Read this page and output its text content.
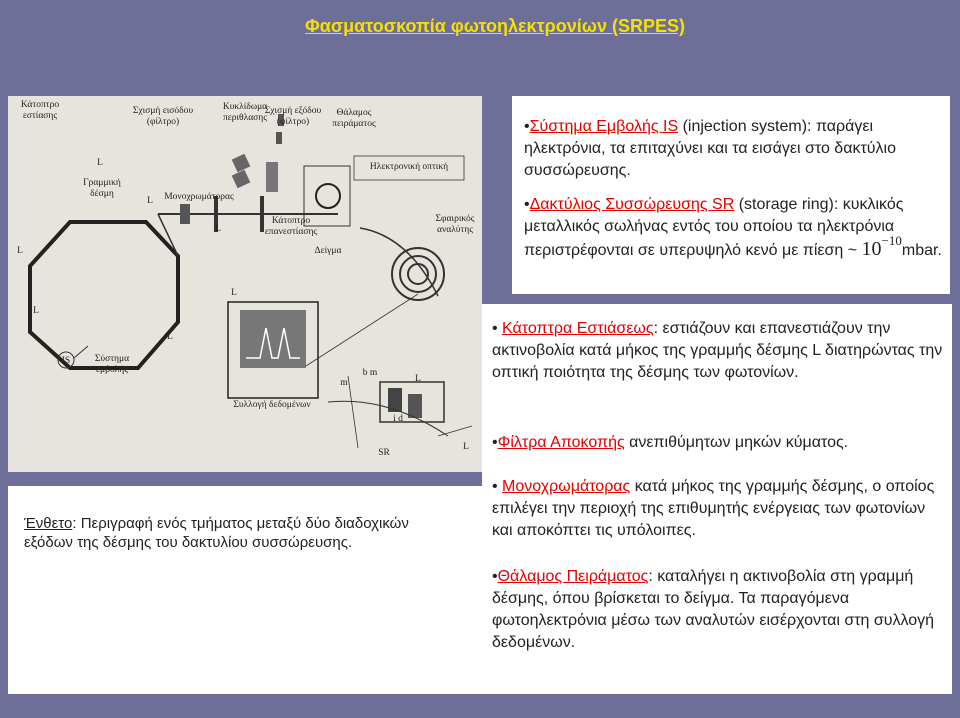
Φασματοσκοπία φωτοηλεκτρονίων (SRPES)
Κάτοπτρο
εστίασης	Σχισμή εισόδου
(φίλτρο)
Κυκλίδωμα
περιθλασης
Σχισμή εξόδου
(φίλτρο)
Θάλαμος
πειράματος
Γραμμική
δέσμη	Μονοχρωμάτορας
Ηλεκτρονική οπτική
Κάτοπτρο
επανεστίασης
Δείγμα
Σφαιρικός
αναλύτης
Σύστημα
εμβολής
Συλλογή δεδομένων
L
L
L
L
L
L
L
L
L
IS
SR
b m
i d
m
Ένθετο: Περιγραφή ενός τμήματος μεταξύ δύο διαδοχικών εξόδων της δέσμης του δακτυλίου συσσώρευσης.
•Σύστημα Εμβολής IS (injection system): παράγει ηλεκτρόνια, τα επιταχύνει και τα εισάγει στο δακτύλιο συσσώρευσης.
•Δακτύλιος Συσσώρευσης SR (storage ring): κυκλικός μεταλλικός σωλήνας εντός του οποίου τα ηλεκτρόνια περιστρέφονται σε υπερυψηλό κενό με πίεση ~ $10^{-10}mbar$.
• Κάτοπτρα Εστιάσεως: εστιάζουν και επανεστιάζουν την ακτινοβολία κατά μήκος της γραμμής δέσμης L διατηρώντας την οπτική ποιότητα της δέσμης των φωτονίων.
•Φίλτρα Αποκοπής ανεπιθύμητων μηκών κύματος.
• Μονοχρωμάτορας κατά μήκος της γραμμής δέσμης, ο οποίος επιλέγει την περιοχή της επιθυμητής ενέργειας των φωτονίων και αποκόπτει τις υπόλοιπες.
•Θάλαμος Πειράματος: καταλήγει η ακτινοβολία στη γραμμή δέσμης, όπου βρίσκεται το δείγμα. Τα παραγόμενα φωτοηλεκτρόνια μέσω των αναλυτών εισέρχονται στη συλλογή δεδομένων.
